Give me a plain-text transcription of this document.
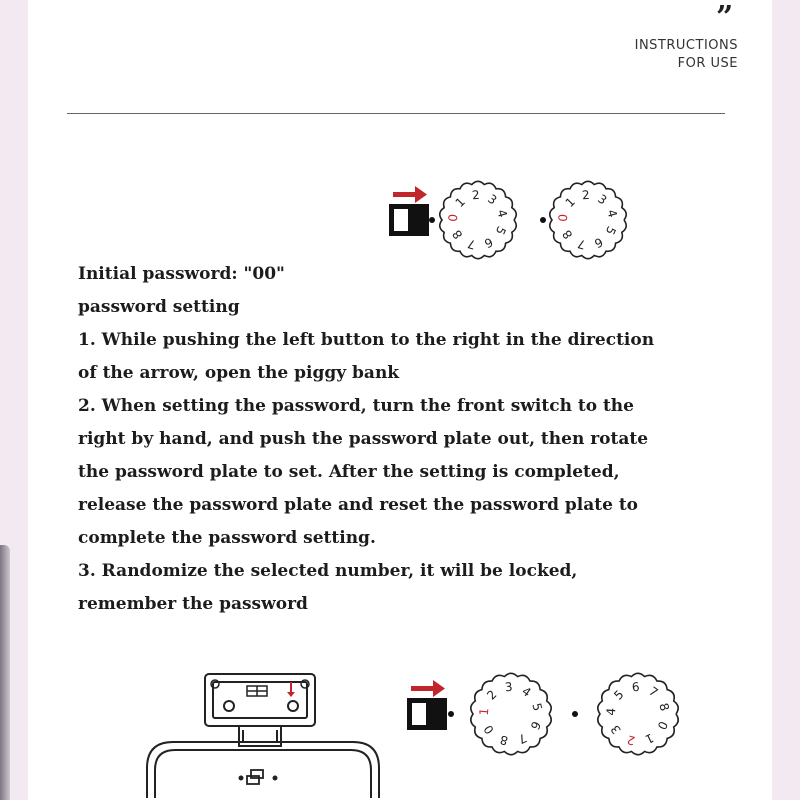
”
INSTRUCTIONS
FOR USE
1 2 3
4
5
6
7
8
0
1 2 3
4
5
6
7
8
0
Initial password: "00"
password setting
1. While pushing the left button to the right in the direction
of the arrow, open the piggy bank
2. When setting the password, turn the front switch to the
right by hand, and push the password plate out, then rotate
the password plate to set. After the setting is completed,
release the password plate and reset the password plate to
complete the password setting.
3. Randomize the selected number, it will be locked,
remember the password
2
3 4
5
6
7
8
0
1
5
6 7
8
0
1
2
3
4
